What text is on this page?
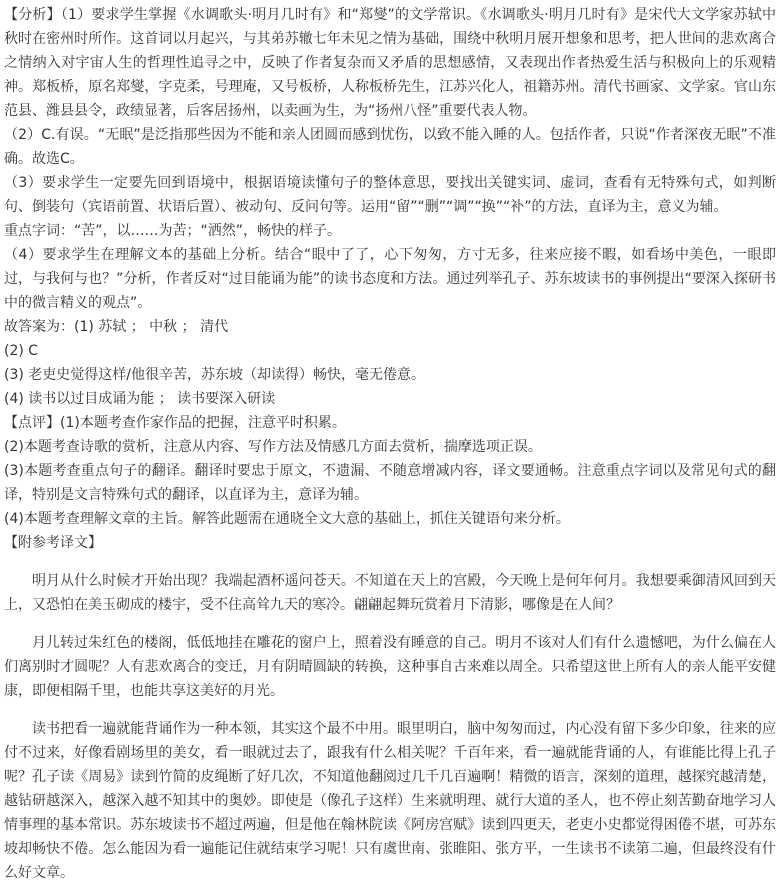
【分析】（1）要求学生掌握《水调歌头·明月几时有》和“郑燮”的文学常识。《水调歌头·明月几时有》是宋代大文学家苏轼中秋时在密州时所作。这首词以月起兴，与其弟苏辙七年未见之情为基础，围绕中秋明月展开想象和思考，把人世间的悲欢离合之情纳入对宇宙人生的哲理性追寻之中，反映了作者复杂而又矛盾的思想感情，又表现出作者热爱生活与积极向上的乐观精神。郑板桥，原名郑燮，字克柔，号理庵，又号板桥，人称板桥先生，江苏兴化人，祖籍苏州。清代书画家、文学家。官山东范县、潍县县令，政绩显著，后客居扬州，以卖画为生，为“扬州八怪”重要代表人物。

（2）C.有误。“无眠”是泛指那些因为不能和亲人团圆而感到忧伤，以致不能入睡的人。包括作者，只说“作者深夜无眠”不准确。故选C。

（3）要求学生一定要先回到语境中，根据语境读懂句子的整体意思，要找出关键实词、虚词，查看有无特殊句式，如判断句、倒装句（宾语前置、状语后置）、被动句、反问句等。运用“留”“删”“调”“换”“补”的方法，直译为主，意义为辅。

重点字词：“苦”，以……为苦；“洒然”，畅快的样子。

（4）要求学生在理解文本的基础上分析。结合“眼中了了，心下匆匆，方寸无多，往来应接不暇，如看场中美色，一眼即过，与我何与也？”分析，作者反对“过目能诵为能”的读书态度和方法。通过列举孔子、苏东坡读书的事例提出“要深入探研书中的微言精义的观点”。

故答案为：(1) 苏轼 ； 中秋 ； 清代

(2) C

(3) 老吏史觉得这样/他很辛苦，苏东坡（却读得）畅快，毫无倦意。

(4) 读书以过目成诵为能 ； 读书要深入研读

【点评】(1)本题考查作家作品的把握，注意平时积累。

(2)本题考查诗歌的赏析，注意从内容、写作方法及情感几方面去赏析，揣摩选项正误。

(3)本题考查重点句子的翻译。翻译时要忠于原文，不遗漏、不随意增减内容，译文要通畅。注意重点字词以及常见句式的翻译，特别是文言特殊句式的翻译，以直译为主，意译为辅。

(4)本题考查理解文章的主旨。解答此题需在通晓全文大意的基础上，抓住关键语句来分析。

【附参考译文】

明月从什么时候才开始出现？我端起酒杯遥问苍天。不知道在天上的宫殿，今天晚上是何年何月。我想要乘御清风回到天上，又恐怕在美玉砌成的楼宇，受不住高耸九天的寒冷。翩翩起舞玩赏着月下清影，哪像是在人间？

月儿转过朱红色的楼阁，低低地挂在雕花的窗户上，照着没有睡意的自己。明月不该对人们有什么遗憾吧，为什么偏在人们离别时才圆呢？人有悲欢离合的变迁，月有阴晴圆缺的转换，这种事自古来难以周全。只希望这世上所有人的亲人能平安健康，即便相隔千里，也能共享这美好的月光。

读书把看一遍就能背诵作为一种本领，其实这个最不中用。眼里明白，脑中匆匆而过，内心没有留下多少印象，往来的应付不过来，好像看剧场里的美女，看一眼就过去了，跟我有什么相关呢？千百年来，看一遍就能背诵的人，有谁能比得上孔子呢？孔子读《周易》读到竹简的皮绳断了好几次，不知道他翻阅过几千几百遍啊！精微的语言，深刻的道理，越探究越清楚，越钻研越深入，越深入越不知其中的奥妙。即使是（像孔子这样）生来就明理、就行大道的圣人，也不停止刻苦勤奋地学习人情事理的基本常识。苏东坡读书不超过两遍，但是他在翰林院读《阿房宫赋》读到四更天，老吏小史都觉得困倦不堪，可苏东坡却畅快不倦。怎么能因为看一遍能记住就结束学习呢！只有虞世南、张睢阳、张方平，一生读书不读第二遍，但最终没有什么好文章。
